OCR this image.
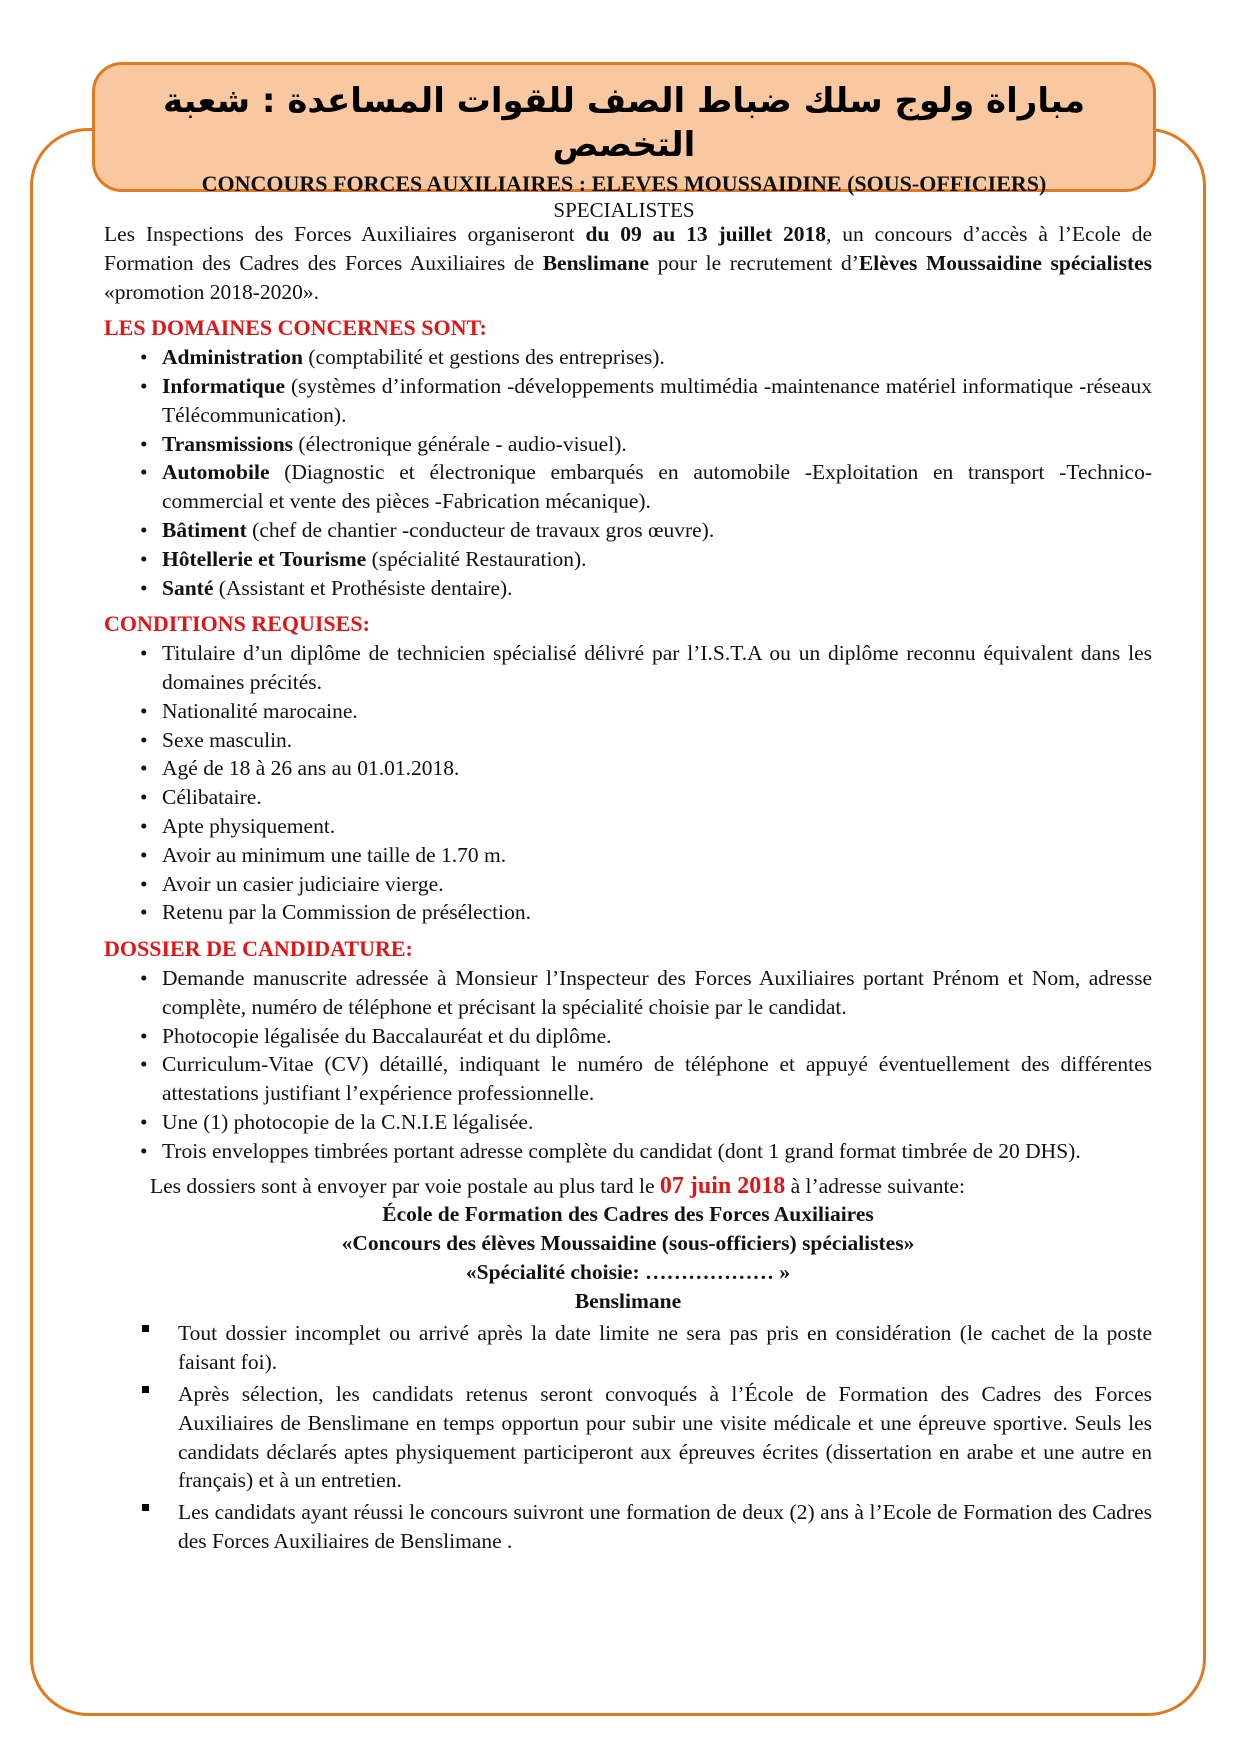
مباراة ولوج سلك ضباط الصف للقوات المساعدة : شعبة التخصص
CONCOURS FORCES AUXILIAIRES : ELEVES MOUSSAIDINE (SOUS-OFFICIERS)
SPECIALISTES

Les Inspections des Forces Auxiliaires organiseront du 09 au 13 juillet 2018, un concours d’accès à l’Ecole de Formation des Cadres des Forces Auxiliaires de Benslimane pour le recrutement d’Elèves Moussaidine spécialistes «promotion 2018-2020».

LES DOMAINES CONCERNES SONT:
• Administration (comptabilité et gestions des entreprises).
• Informatique (systèmes d’information -développements multimédia -maintenance matériel informatique -réseaux Télécommunication).
• Transmissions (électronique générale - audio-visuel).
• Automobile (Diagnostic et électronique embarqués en automobile -Exploitation en transport -Technico-commercial et vente des pièces -Fabrication mécanique).
• Bâtiment (chef de chantier -conducteur de travaux gros œuvre).
• Hôtellerie et Tourisme (spécialité Restauration).
• Santé (Assistant et Prothésiste dentaire).
CONDITIONS REQUISES:
• Titulaire d’un diplôme de technicien spécialisé délivré par l’I.S.T.A ou un diplôme reconnu équivalent dans les domaines précités.
• Nationalité marocaine.
• Sexe masculin.
• Agé de 18 à 26 ans au 01.01.2018.
• Célibataire.
• Apte physiquement.
• Avoir au minimum une taille de 1.70 m.
• Avoir un casier judiciaire vierge.
• Retenu par la Commission de présélection.
DOSSIER DE CANDIDATURE:
• Demande manuscrite adressée à Monsieur l’Inspecteur des Forces Auxiliaires portant Prénom et Nom, adresse complète, numéro de téléphone et précisant la spécialité choisie par le candidat.
• Photocopie légalisée du Baccalauréat et du diplôme.
• Curriculum-Vitae (CV) détaillé, indiquant le numéro de téléphone et appuyé éventuellement des différentes attestations justifiant l’expérience professionnelle.
• Une (1) photocopie de la C.N.I.E légalisée.
• Trois enveloppes timbrées portant adresse complète du candidat (dont 1 grand format timbrée de 20 DHS).

Les dossiers sont à envoyer par voie postale au plus tard le 07 juin 2018 à l’adresse suivante:

École de Formation des Cadres des Forces Auxiliaires
«Concours des élèves Moussaidine (sous-officiers) spécialistes»
«Spécialité choisie: ……………… »
Benslimane
Tout dossier incomplet ou arrivé après la date limite ne sera pas pris en considération (le cachet de la poste faisant foi).
Après sélection, les candidats retenus seront convoqués à l’École de Formation des Cadres des Forces Auxiliaires de Benslimane en temps opportun pour subir une visite médicale et une épreuve sportive. Seuls les candidats déclarés aptes physiquement participeront aux épreuves écrites (dissertation en arabe et une autre en français) et à un entretien.
Les candidats ayant réussi le concours suivront une formation de deux (2) ans à l’Ecole de Formation des Cadres des Forces Auxiliaires de Benslimane .
